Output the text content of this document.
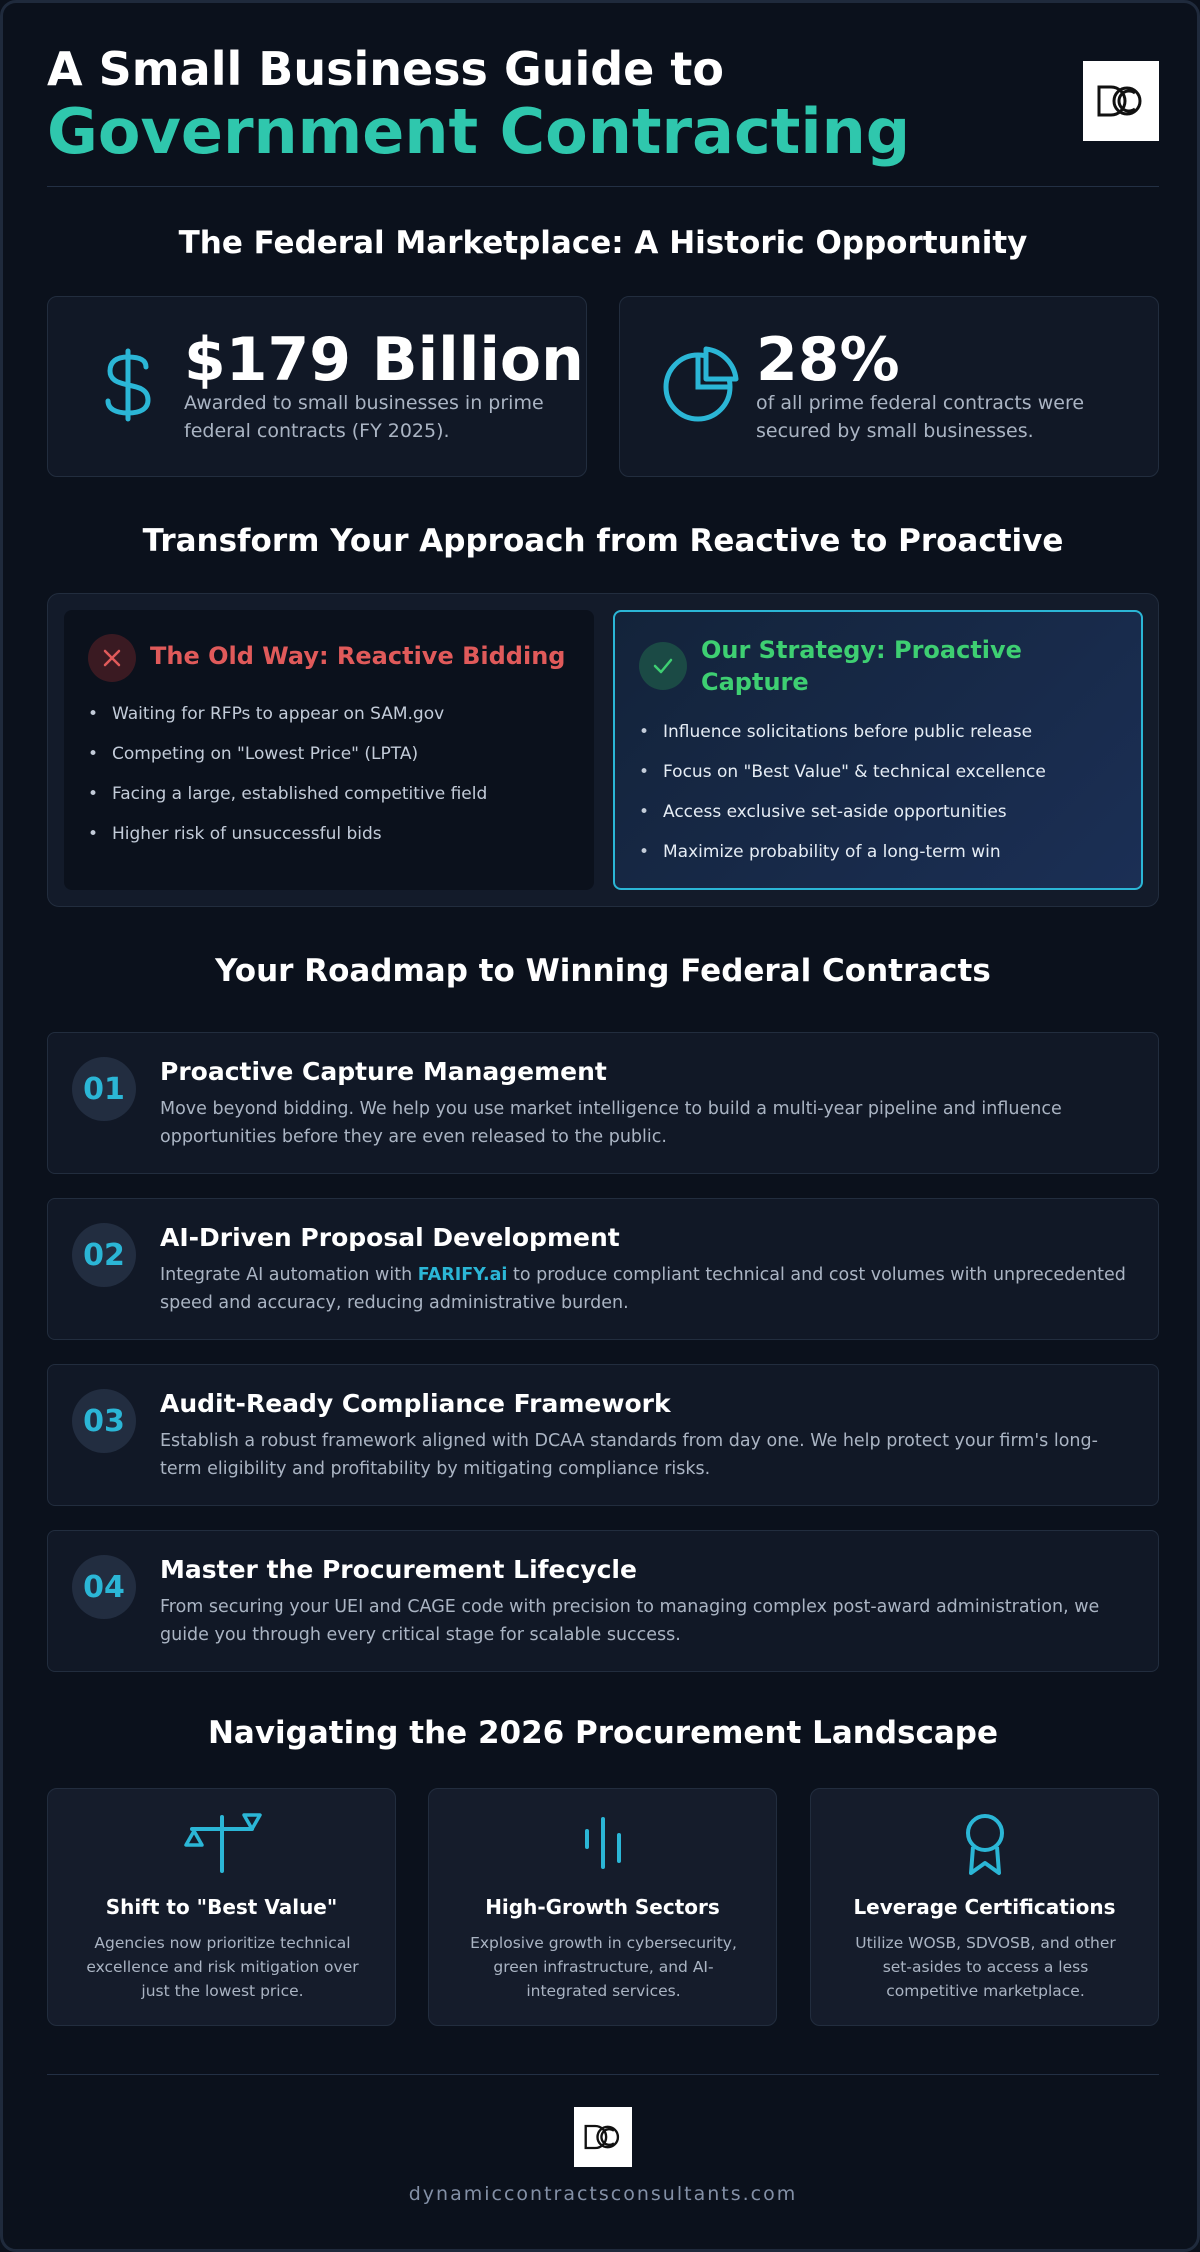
A Small Business Guide to
Government Contracting
The Federal Marketplace: A Historic Opportunity
$179 Billion
Awarded to small businesses in prime federal contracts (FY 2025).
28%
of all prime federal contracts were secured by small businesses.
Transform Your Approach from Reactive to Proactive
The Old Way: Reactive Bidding
• Waiting for RFPs to appear on SAM.gov
• Competing on "Lowest Price" (LPTA)
• Facing a large, established competitive field
• Higher risk of unsuccessful bids
Our Strategy: Proactive Capture
• Influence solicitations before public release
• Focus on "Best Value" & technical excellence
• Access exclusive set-aside opportunities
• Maximize probability of a long-term win
Your Roadmap to Winning Federal Contracts
01	Proactive Capture Management
Move beyond bidding. We help you use market intelligence to build a multi-year pipeline and influence opportunities before they are even released to the public.
02	AI-Driven Proposal Development
Integrate AI automation with FARIFY.ai to produce compliant technical and cost volumes with unprecedented speed and accuracy, reducing administrative burden.
03	Audit-Ready Compliance Framework
Establish a robust framework aligned with DCAA standards from day one. We help protect your firm's long-term eligibility and profitability by mitigating compliance risks.
04	Master the Procurement Lifecycle
From securing your UEI and CAGE code with precision to managing complex post-award administration, we guide you through every critical stage for scalable success.
Navigating the 2026 Procurement Landscape
Shift to "Best Value"
Agencies now prioritize technical excellence and risk mitigation over just the lowest price.
High-Growth Sectors
Explosive growth in cybersecurity, green infrastructure, and AI-integrated services.
Leverage Certifications
Utilize WOSB, SDVOSB, and other set-asides to access a less competitive marketplace.
dynamiccontractsconsultants.com
